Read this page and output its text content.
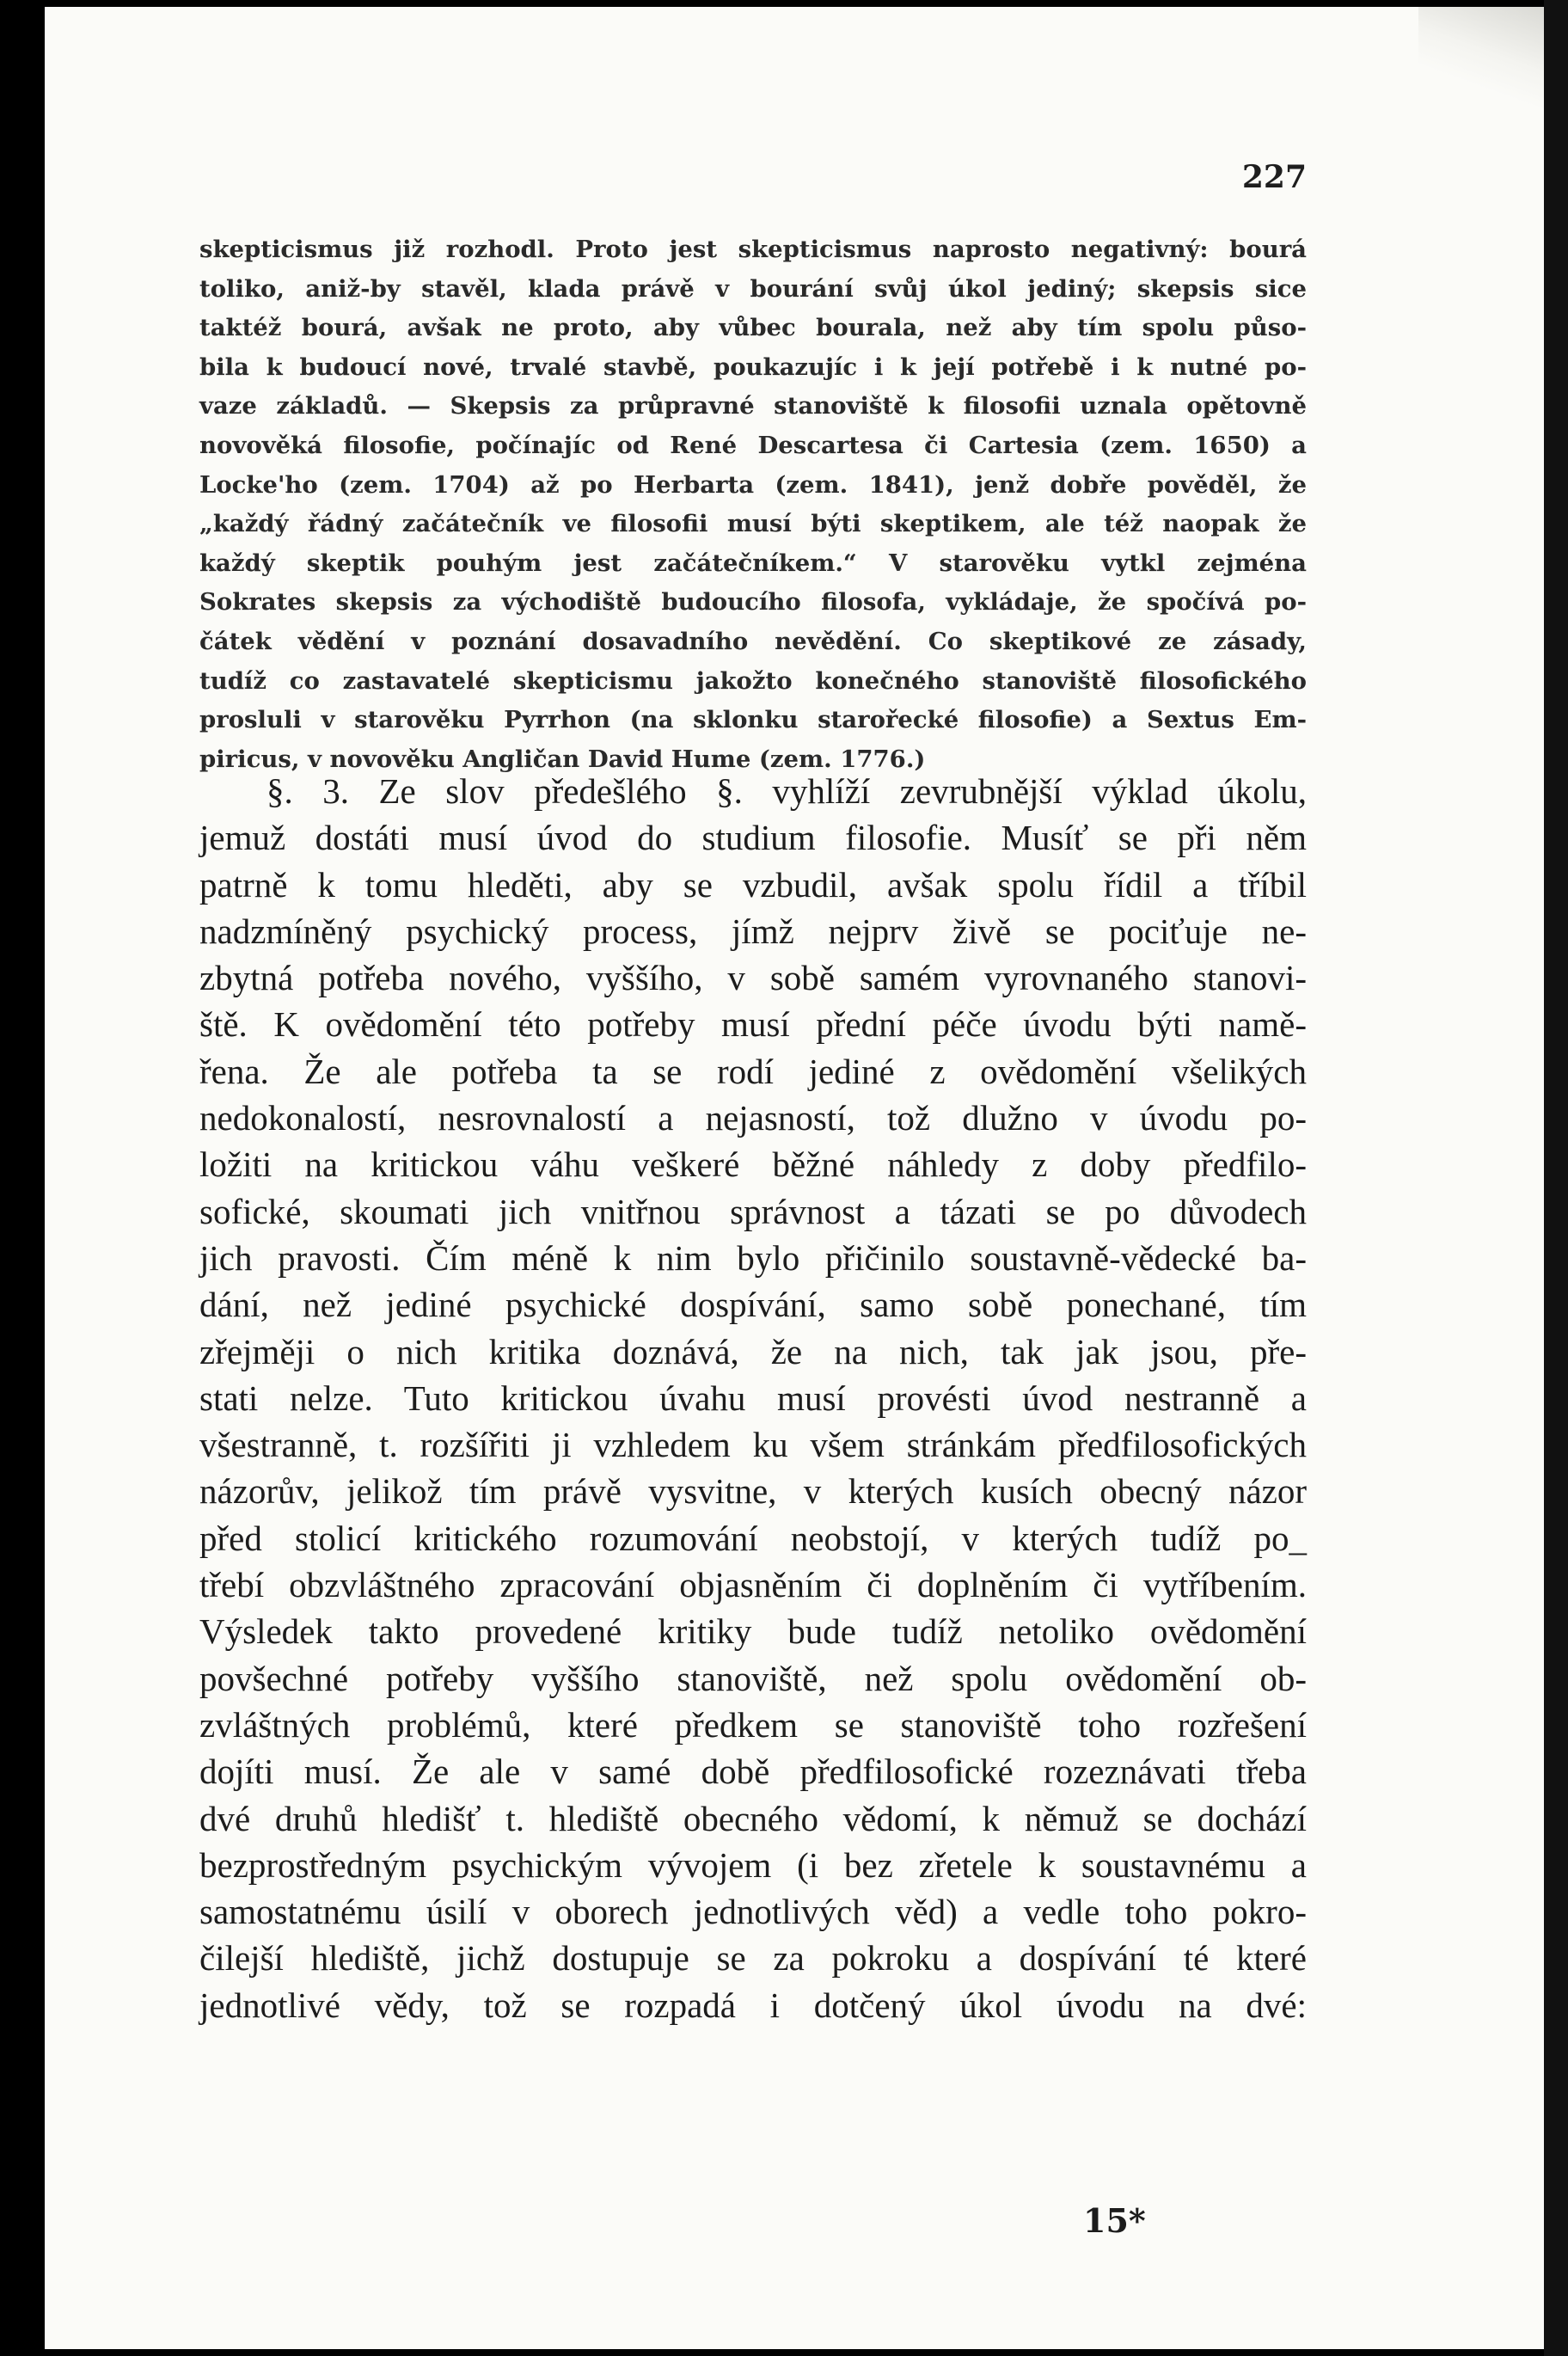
227
skepticismus již rozhodl. Proto jest skepticismus naprosto negativný: bourá
toliko, aniž-by stavěl, klada právě v bourání svůj úkol jediný; skepsis sice
taktéž bourá, avšak ne proto, aby vůbec bourala, než aby tím spolu půso-
bila k budoucí nové, trvalé stavbě, poukazujíc i k její potřebě i k nutné po-
vaze základů. — Skepsis za průpravné stanoviště k filosofii uznala opětovně
novověká filosofie, počínajíc od René Descartesa či Cartesia (zem. 1650) a
Locke'ho (zem. 1704) až po Herbarta (zem. 1841), jenž dobře pověděl, že
„každý řádný začátečník ve filosofii musí býti skeptikem, ale též naopak že
každý skeptik pouhým jest začátečníkem.“ V starověku vytkl zejména
Sokrates skepsis za východiště budoucího filosofa, vykládaje, že spočívá po-
čátek vědění v poznání dosavadního nevědění. Co skeptikové ze zásady,
tudíž co zastavatelé skepticismu jakožto konečného stanoviště filosofického
prosluli v starověku Pyrrhon (na sklonku starořecké filosofie) a Sextus Em-
piricus, v novověku Angličan David Hume (zem. 1776.)
§. 3. Ze slov předešlého §. vyhlíží zevrubnější výklad úkolu,
jemuž dostáti musí úvod do studium filosofie. Musíť se při něm
patrně k tomu hleděti, aby se vzbudil, avšak spolu řídil a tříbil
nadzmíněný psychický process, jímž nejprv živě se pociťuje ne-
zbytná potřeba nového, vyššího, v sobě samém vyrovnaného stanovi-
ště. K ovědomění této potřeby musí přední péče úvodu býti namě-
řena. Že ale potřeba ta se rodí jediné z ovědomění všelikých
nedokonalostí, nesrovnalostí a nejasností, tož dlužno v úvodu po-
ložiti na kritickou váhu veškeré běžné náhledy z doby předfilo-
sofické, skoumati jich vnitřnou správnost a tázati se po důvodech
jich pravosti. Čím méně k nim bylo přičinilo soustavně-vědecké ba-
dání, než jediné psychické dospívání, samo sobě ponechané, tím
zřejměji o nich kritika doznává, že na nich, tak jak jsou, pře-
stati nelze. Tuto kritickou úvahu musí provésti úvod nestranně a
všestranně, t. rozšířiti ji vzhledem ku všem stránkám předfilosofických
názorův, jelikož tím právě vysvitne, v kterých kusích obecný názor
před stolicí kritického rozumování neobstojí, v kterých tudíž po_
třebí obzvláštného zpracování objasněním či doplněním či vytříbením.
Výsledek takto provedené kritiky bude tudíž netoliko ovědomění
povšechné potřeby vyššího stanoviště, než spolu ovědomění ob-
zvláštných problémů, které předkem se stanoviště toho rozřešení
dojíti musí. Že ale v samé době předfilosofické rozeznávati třeba
dvé druhů hledišť t. hlediště obecného vědomí, k němuž se dochází
bezprostředným psychickým vývojem (i bez zřetele k soustavnému a
samostatnému úsilí v oborech jednotlivých věd) a vedle toho pokro-
čilejší hlediště, jichž dostupuje se za pokroku a dospívání té které
jednotlivé vědy, tož se rozpadá i dotčený úkol úvodu na dvé:
15*
